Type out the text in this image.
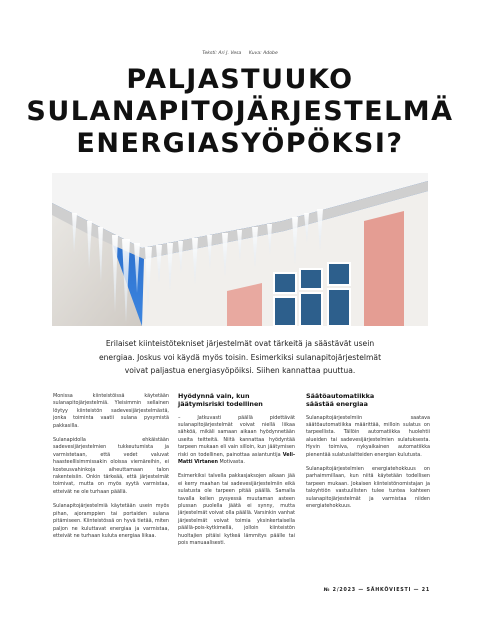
Teksti: Ari J. Vesa Kuva: Adobe
PALJASTUUKO
SULANAPITOJÄRJESTELMÄ
ENERGIASYÖPÖKSI?
Erilaiset kiinteistötekniset järjestelmät ovat tärkeitä ja säästävät usein
energiaa. Joskus voi käydä myös toisin. Esimerkiksi sulanapitojärjestelmät
voivat paljastua energiasyöpöiksi. Siihen kannattaa puuttua.

Monissa kiinteistöissä käytetään sulanapitojärjestelmiä. Yleisimmin sellainen löytyy kiinteistön sadevesijärjestelmästä, jonka toiminta vaatii sulana pysymistä pakkasilla.

Sulanapidolla ehkäistään sadevesijärjestelmien tukkeutumista ja varmistetaan, että vedet valuvat haasteellisimmissakin oloissa viemäreihin, ei kosteusvahinkoja aiheuttamaan talon rakenteisiin. Onkin tärkeää, että järjestelmät toimivat, mutta on myös syytä varmistaa, etteivät ne ole turhaan päällä.

Sulanapitojärjestelmiä käytetään usein myös pihan, ajoramppien tai portaiden sulana pitämiseen. Kiinteistössä on hyvä tietää, miten paljon ne kuluttavat energiaa ja varmistaa, etteivät ne turhaan kuluta energiaa liikaa.

Hyödynnä vain, kun
jäätymisriski todellinen

– Jatkuvasti päällä pidettävät sulanapitojärjestelmät voivat niellä liikaa sähköä, mikäli samaan aikaan hyödynnetään useita teitteitä. Niitä kannattaa hyödyntää tarpeen mukaan eli vain silloin, kun jäätymisen riski on todellinen, painottaa asiantuntija Veli-Matti Virtanen Motivasta.

Esimerkiksi talvella pakkasjaksojen aikaan jää ei kerry maahan tai sadevesijärjestelmiin eikä sulatusta ole tarpeen pitää päällä. Samalla tavalla kelien pysyessä muutaman asteen plussan puolella jäätä ei synny, mutta järjestelmät voivat olla päällä. Varsinkin vanhat järjestelmät voivat toimia yksinkertaisella päällä-pois-kytkimellä, jolloin kiinteistön huoltajien pitäisi kytkeä lämmitys päälle tai pois manuaalisesti.

Säätöautomatiikka
säästää energiaa

Sulanapitojärjestelmiin saatava säätöautomatiikka määrittää, milloin sulatus on tarpeellista. Tällöin automatiikka huolehtii alueiden tai sadevesijärjestelmien sulatuksesta. Hyvin toimiva, nykyaikainen automatiikka pienentää sulatuslaitteiden energian kulutusta.

Sulanapitojärjestelmien energiatehokkuus on parhaimmillaan, kun niitä käytetään todellisen tarpeen mukaan. Jokaisen kiinteistönomistajan ja taloyhtiön vastuullisten tulee tuntea kahteen sulanapitojärjestelmät ja varmistaa niiden energiatehokkuus.

№ 2/2023 — SÄHKÖVIESTI — 21
